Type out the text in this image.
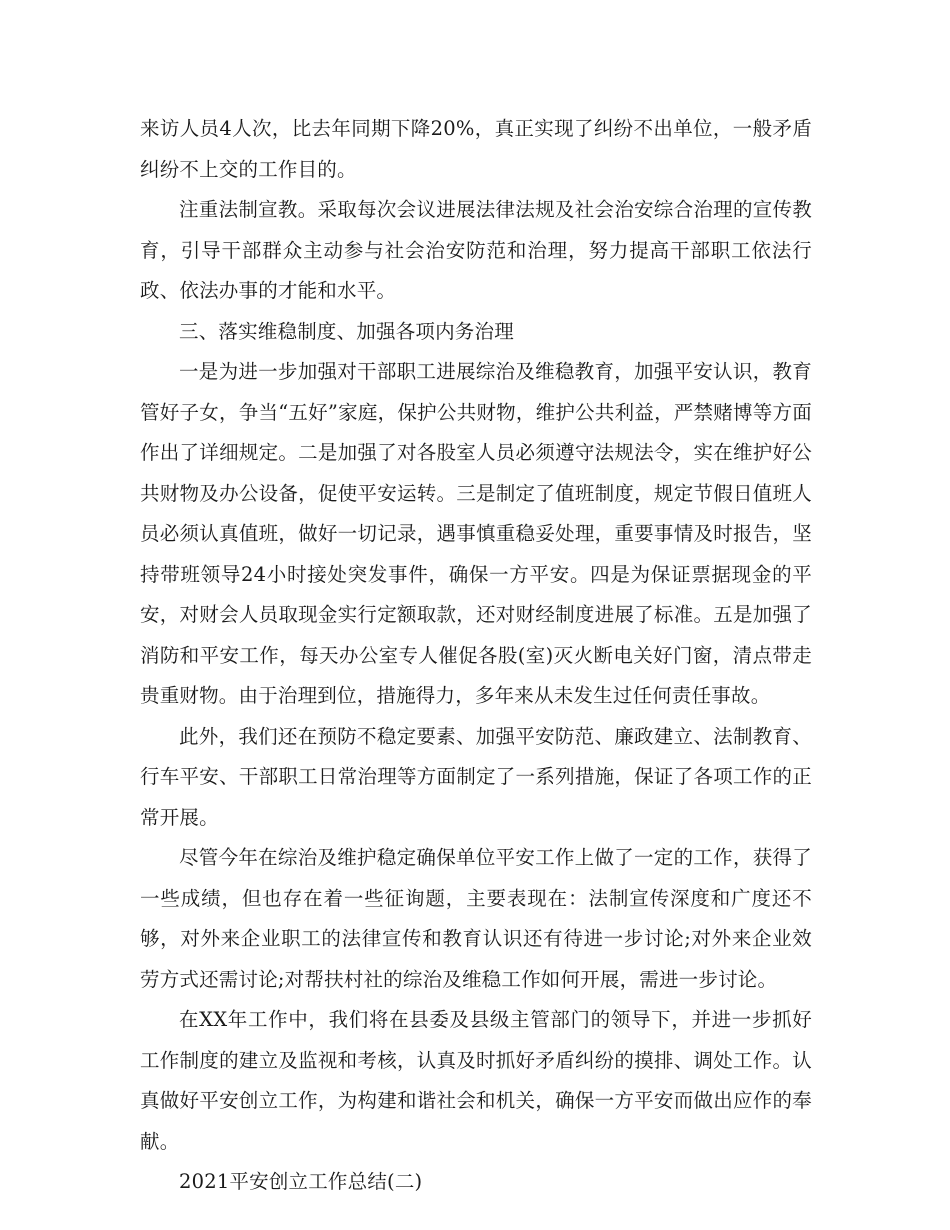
来访人员4人次，比去年同期下降20%，真正实现了纠纷不出单位，一般矛盾纠纷不上交的工作目的。

注重法制宣教。采取每次会议进展法律法规及社会治安综合治理的宣传教育，引导干部群众主动参与社会治安防范和治理，努力提高干部职工依法行政、依法办事的才能和水平。

三、落实维稳制度、加强各项内务治理

一是为进一步加强对干部职工进展综治及维稳教育，加强平安认识，教育管好子女，争当“五好”家庭，保护公共财物，维护公共利益，严禁赌博等方面作出了详细规定。二是加强了对各股室人员必须遵守法规法令，实在维护好公共财物及办公设备，促使平安运转。三是制定了值班制度，规定节假日值班人员必须认真值班，做好一切记录，遇事慎重稳妥处理，重要事情及时报告，坚持带班领导24小时接处突发事件，确保一方平安。四是为保证票据现金的平安，对财会人员取现金实行定额取款，还对财经制度进展了标准。五是加强了消防和平安工作，每天办公室专人催促各股(室)灭火断电关好门窗，清点带走贵重财物。由于治理到位，措施得力，多年来从未发生过任何责任事故。

此外，我们还在预防不稳定要素、加强平安防范、廉政建立、法制教育、行车平安、干部职工日常治理等方面制定了一系列措施，保证了各项工作的正常开展。

尽管今年在综治及维护稳定确保单位平安工作上做了一定的工作，获得了一些成绩，但也存在着一些征询题，主要表现在：法制宣传深度和广度还不够，对外来企业职工的法律宣传和教育认识还有待进一步讨论;对外来企业效劳方式还需讨论;对帮扶村社的综治及维稳工作如何开展，需进一步讨论。

在XX年工作中，我们将在县委及县级主管部门的领导下，并进一步抓好工作制度的建立及监视和考核，认真及时抓好矛盾纠纷的摸排、调处工作。认真做好平安创立工作，为构建和谐社会和机关，确保一方平安而做出应作的奉献。

2021平安创立工作总结(二)
